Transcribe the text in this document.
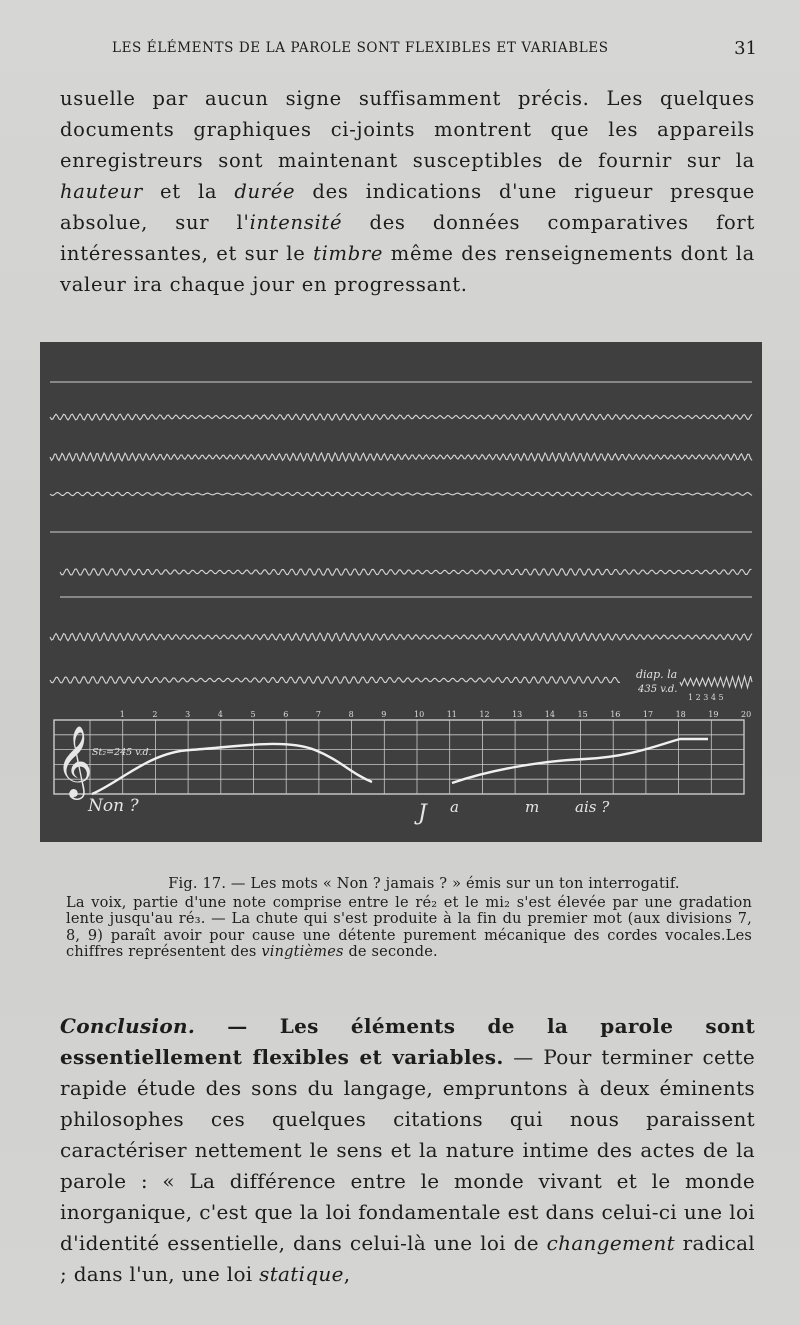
LES ÉLÉMENTS DE LA PAROLE SONT FLEXIBLES ET VARIABLES	31

usuelle par aucun signe suffisamment précis. Les quelques documents graphiques ci-joints montrent que les appareils enregistreurs sont maintenant susceptibles de fournir sur la hauteur et la durée des indications d'une rigueur presque absolue, sur l'intensité des données comparatives fort intéressantes, et sur le timbre même des renseignements dont la valeur ira chaque jour en progressant.

1	2	3	4	5	6	7	8	9	10	11	12	13	14	15	16	17	18	19	20
𝄞 St₂=245 v.d.
Non ?	J a	m ais ?
diap. la
435 v.d.
1 2 3 4 5

Fig. 17. — Les mots « Non ? jamais ? » émis sur un ton interrogatif.

La voix, partie d'une note comprise entre le ré₂ et le mi₂ s'est élevée par une gradation lente jusqu'au ré₃. — La chute qui s'est produite à la fin du premier mot (aux divisions 7, 8, 9) paraît avoir pour cause une détente purement mécanique des cordes vocales.Les chiffres représentent des vingtièmes de seconde.

Conclusion. — Les éléments de la parole sont essentiellement flexibles et variables. — Pour terminer cette rapide étude des sons du langage, empruntons à deux éminents philosophes ces quelques citations qui nous paraissent caractériser nettement le sens et la nature intime des actes de la parole : « La différence entre le monde vivant et le monde inorganique, c'est que la loi fondamentale est dans celui-ci une loi d'identité essentielle, dans celui-là une loi de changement radical ; dans l'un, une loi statique,
